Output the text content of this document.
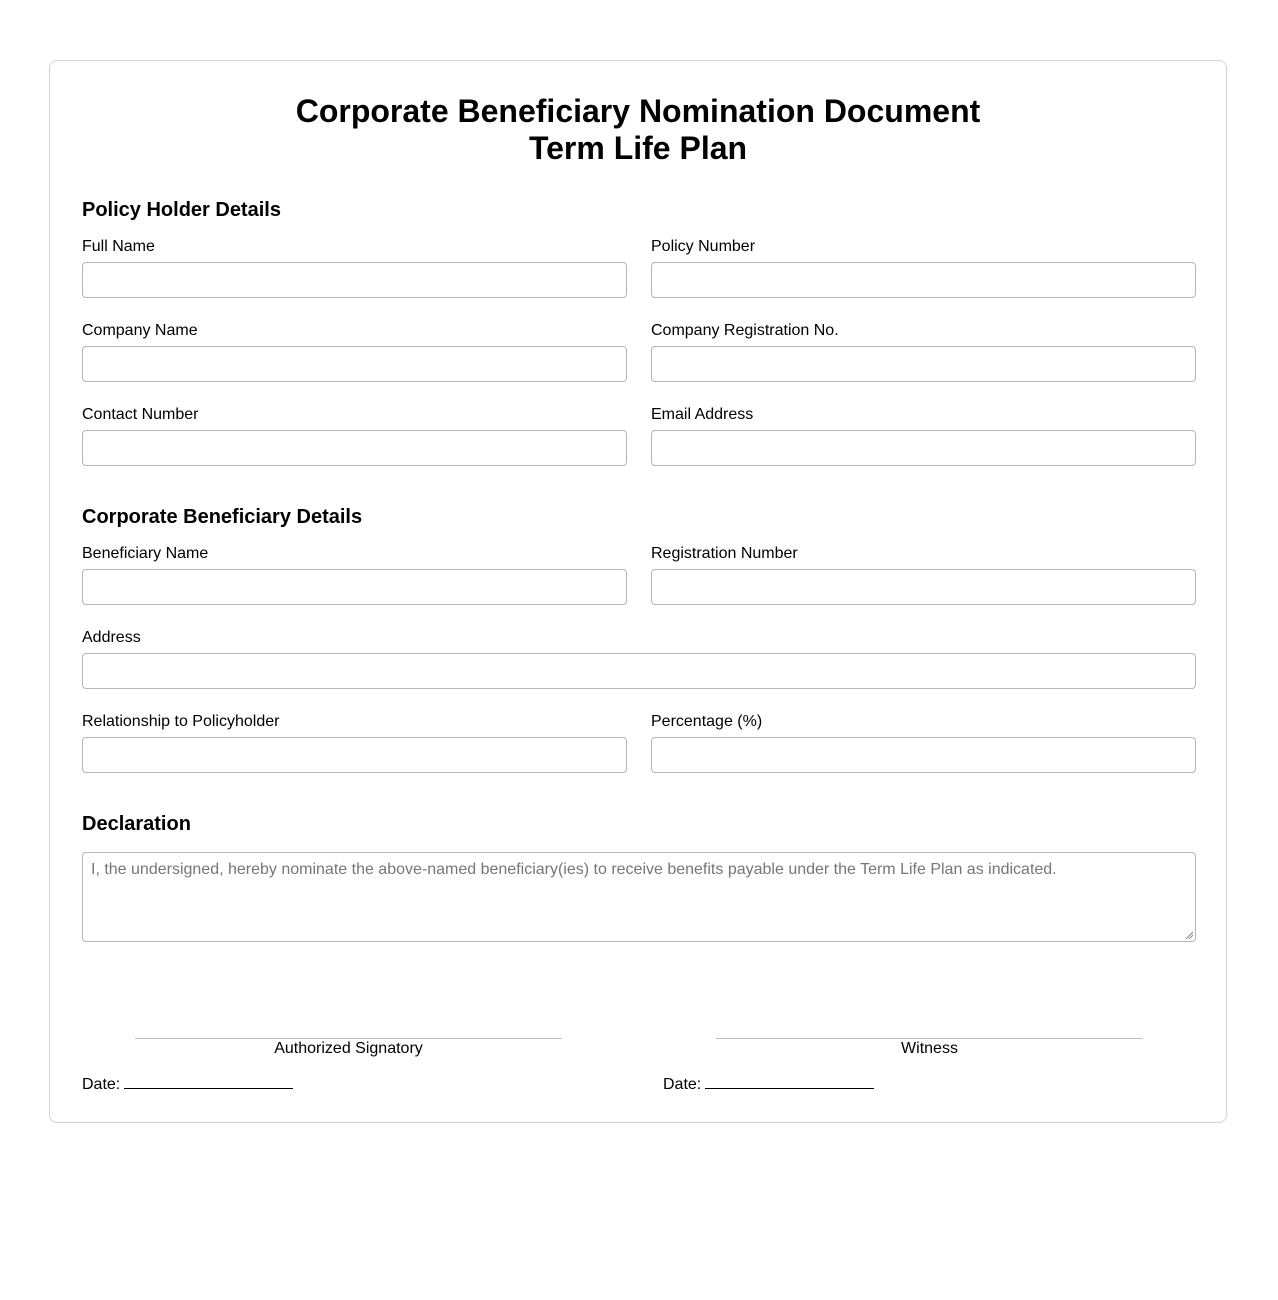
Corporate Beneficiary Nomination Document
Term Life Plan
Policy Holder Details
Full Name	Policy Number
Company Name	Company Registration No.
Contact Number	Email Address
Corporate Beneficiary Details
Beneficiary Name	Registration Number
Address
Relationship to Policyholder	Percentage (%)
Declaration
I, the undersigned, hereby nominate the above-named beneficiary(ies) to receive benefits payable under the Term Life Plan as indicated.
Authorized Signatory	Witness
Date:	Date:
